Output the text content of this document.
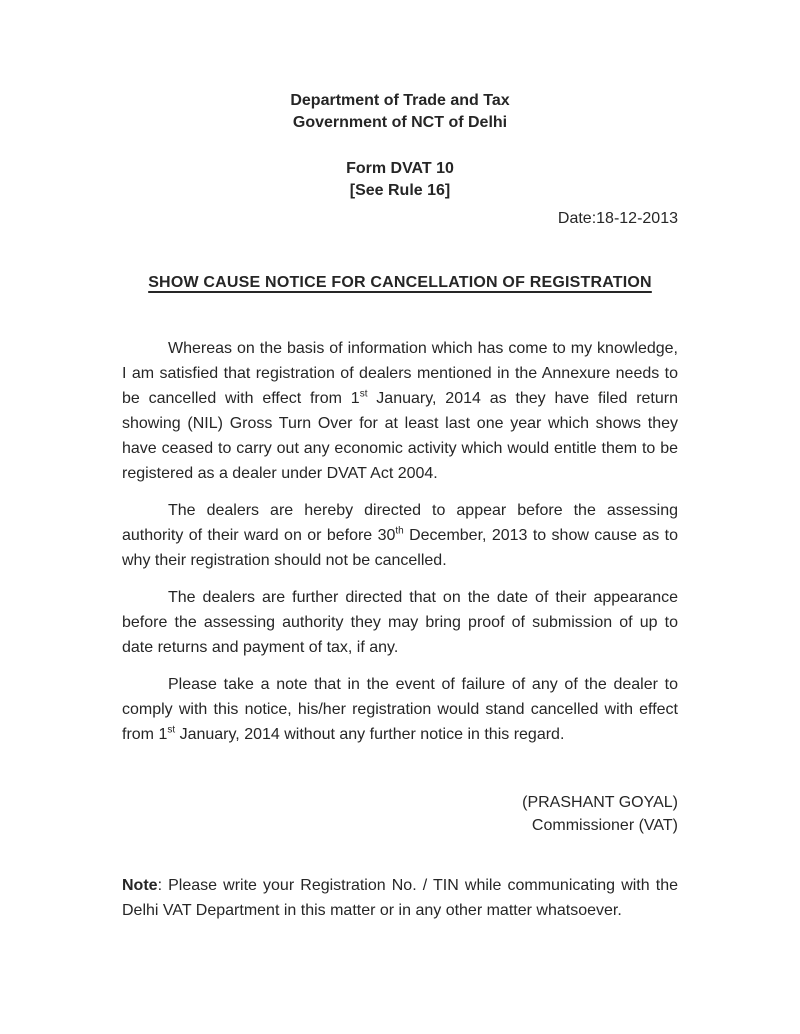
Department of Trade and Tax
Government of NCT of Delhi
Form DVAT 10
[See Rule 16]
Date:18-12-2013
SHOW CAUSE NOTICE FOR CANCELLATION OF REGISTRATION

Whereas on the basis of information which has come to my knowledge, I am satisfied that registration of dealers mentioned in the Annexure needs to be cancelled with effect from 1st January, 2014 as they have filed return showing (NIL) Gross Turn Over for at least last one year which shows they have ceased to carry out any economic activity which would entitle them to be registered as a dealer under DVAT Act 2004.

The dealers are hereby directed to appear before the assessing authority of their ward on or before 30th December, 2013 to show cause as to why their registration should not be cancelled.

The dealers are further directed that on the date of their appearance before the assessing authority they may bring proof of submission of up to date returns and payment of tax, if any.

Please take a note that in the event of failure of any of the dealer to comply with this notice, his/her registration would stand cancelled with effect from 1st January, 2014 without any further notice in this regard.

(PRASHANT GOYAL)
Commissioner (VAT)

Note: Please write your Registration No. / TIN while communicating with the Delhi VAT Department in this matter or in any other matter whatsoever.
